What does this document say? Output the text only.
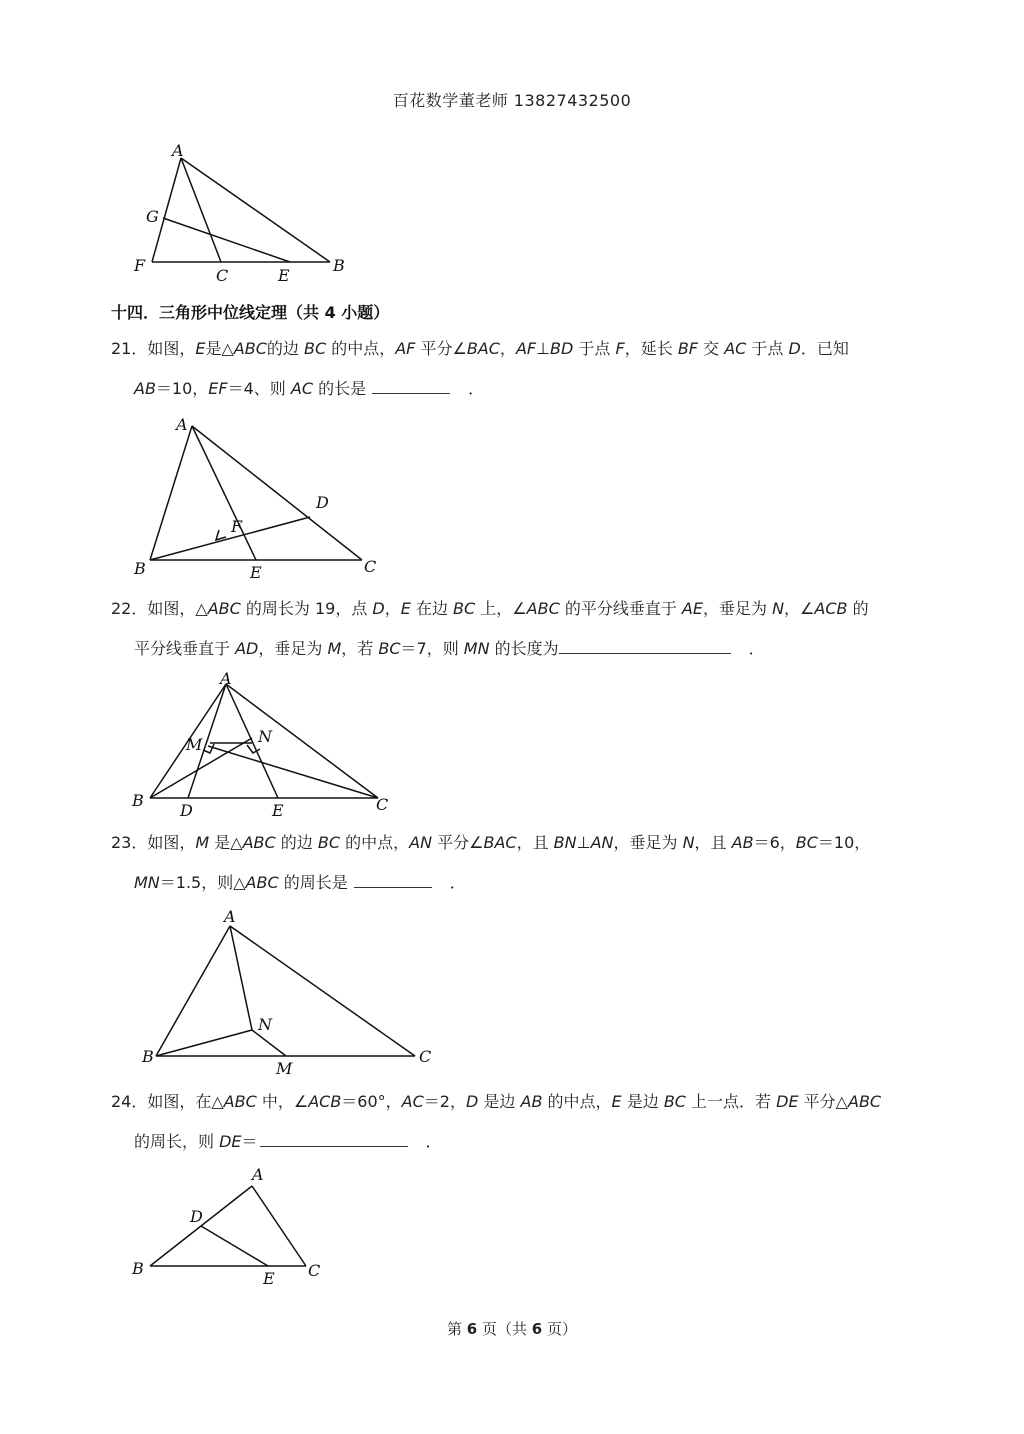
百花数学董老师 13827432500
A
G
F
C	E
B
十四．三角形中位线定理（共 4 小题）
21．如图，E是△ABC的边 BC 的中点，AF 平分∠BAC，AF⊥BD 于点 F，延长 BF 交 AC 于点 D．已知
AB＝10，EF＝4、则 AC 的长是	．
A
D
F
B	E	C
22．如图，△ABC 的周长为 19，点 D，E 在边 BC 上，∠ABC 的平分线垂直于 AE，垂足为 N，∠ACB 的
平分线垂直于 AD，垂足为 M，若 BC＝7，则 MN 的长度为	．
A
M	N
B
D	E	C
23．如图，M 是△ABC 的边 BC 的中点，AN 平分∠BAC，且 BN⊥AN，垂足为 N，且 AB＝6，BC＝10，
MN＝1.5，则△ABC 的周长是	．
A
N
B
M
C
24．如图，在△ABC 中，∠ACB＝60°，AC＝2，D 是边 AB 的中点，E 是边 BC 上一点．若 DE 平分△ABC
的周长，则 DE＝	．
A
D
B
E C
第 6 页（共 6 页）
